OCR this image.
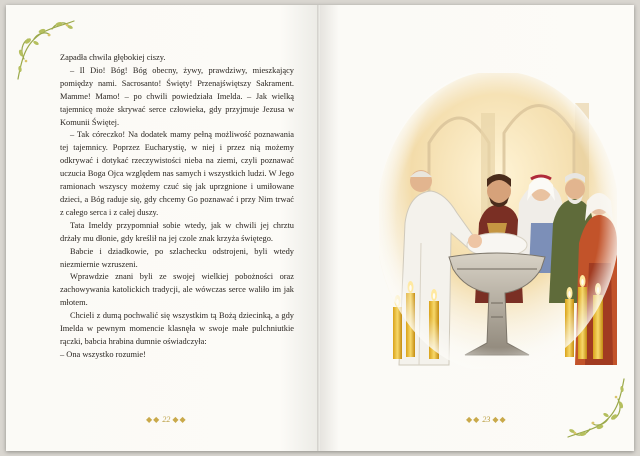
Zapadła chwila głębokiej ciszy.

– Il Dio! Bóg! Bóg obecny, żywy, prawdziwy, mieszkający pomiędzy nami. Sacrosanto! Święty! Przenajświętszy Sakrament. Mamme! Mamo! – po chwili powiedziała Imelda. – Jak wielką tajemnicę może skrywać serce człowieka, gdy przyjmuje Jezusa w Komunii Świętej.

– Tak córeczko! Na dodatek mamy pełną możliwość poznawania tej tajemnicy. Poprzez Eucharystię, w niej i przez nią możemy odkrywać i dotykać rzeczywistości nieba na ziemi, czyli poznawać uczucia Boga Ojca względem nas samych i wszystkich ludzi. W Jego ramionach wszyscy możemy czuć się jak uprzgnione i umiłowane dzieci, a Bóg raduje się, gdy chcemy Go poznawać i przy Nim trwać z całego serca i z całej duszy.

Tata Imeldy przypomniał sobie wtedy, jak w chwili jej chrztu drżały mu dłonie, gdy kreślił na jej czole znak krzyża świętego.

Babcie i dziadkowie, po szlachecku odstrojeni, byli wtedy niezmiernie wzruszeni.

Wprawdzie znani byli ze swojej wielkiej pobożności oraz zachowywania katolickich tradycji, ale wówczas serce waliło im jak młotem.

Chcieli z dumą pochwalić się wszystkim tą Bożą dziecinką, a gdy Imelda w pewnym momencie klasnęła w swoje małe pulchniutkie rączki, babcia hrabina dumnie oświadczyła:

– Ona wszystko rozumie!

◆◆ 22 ◆◆	◆◆ 23 ◆◆
